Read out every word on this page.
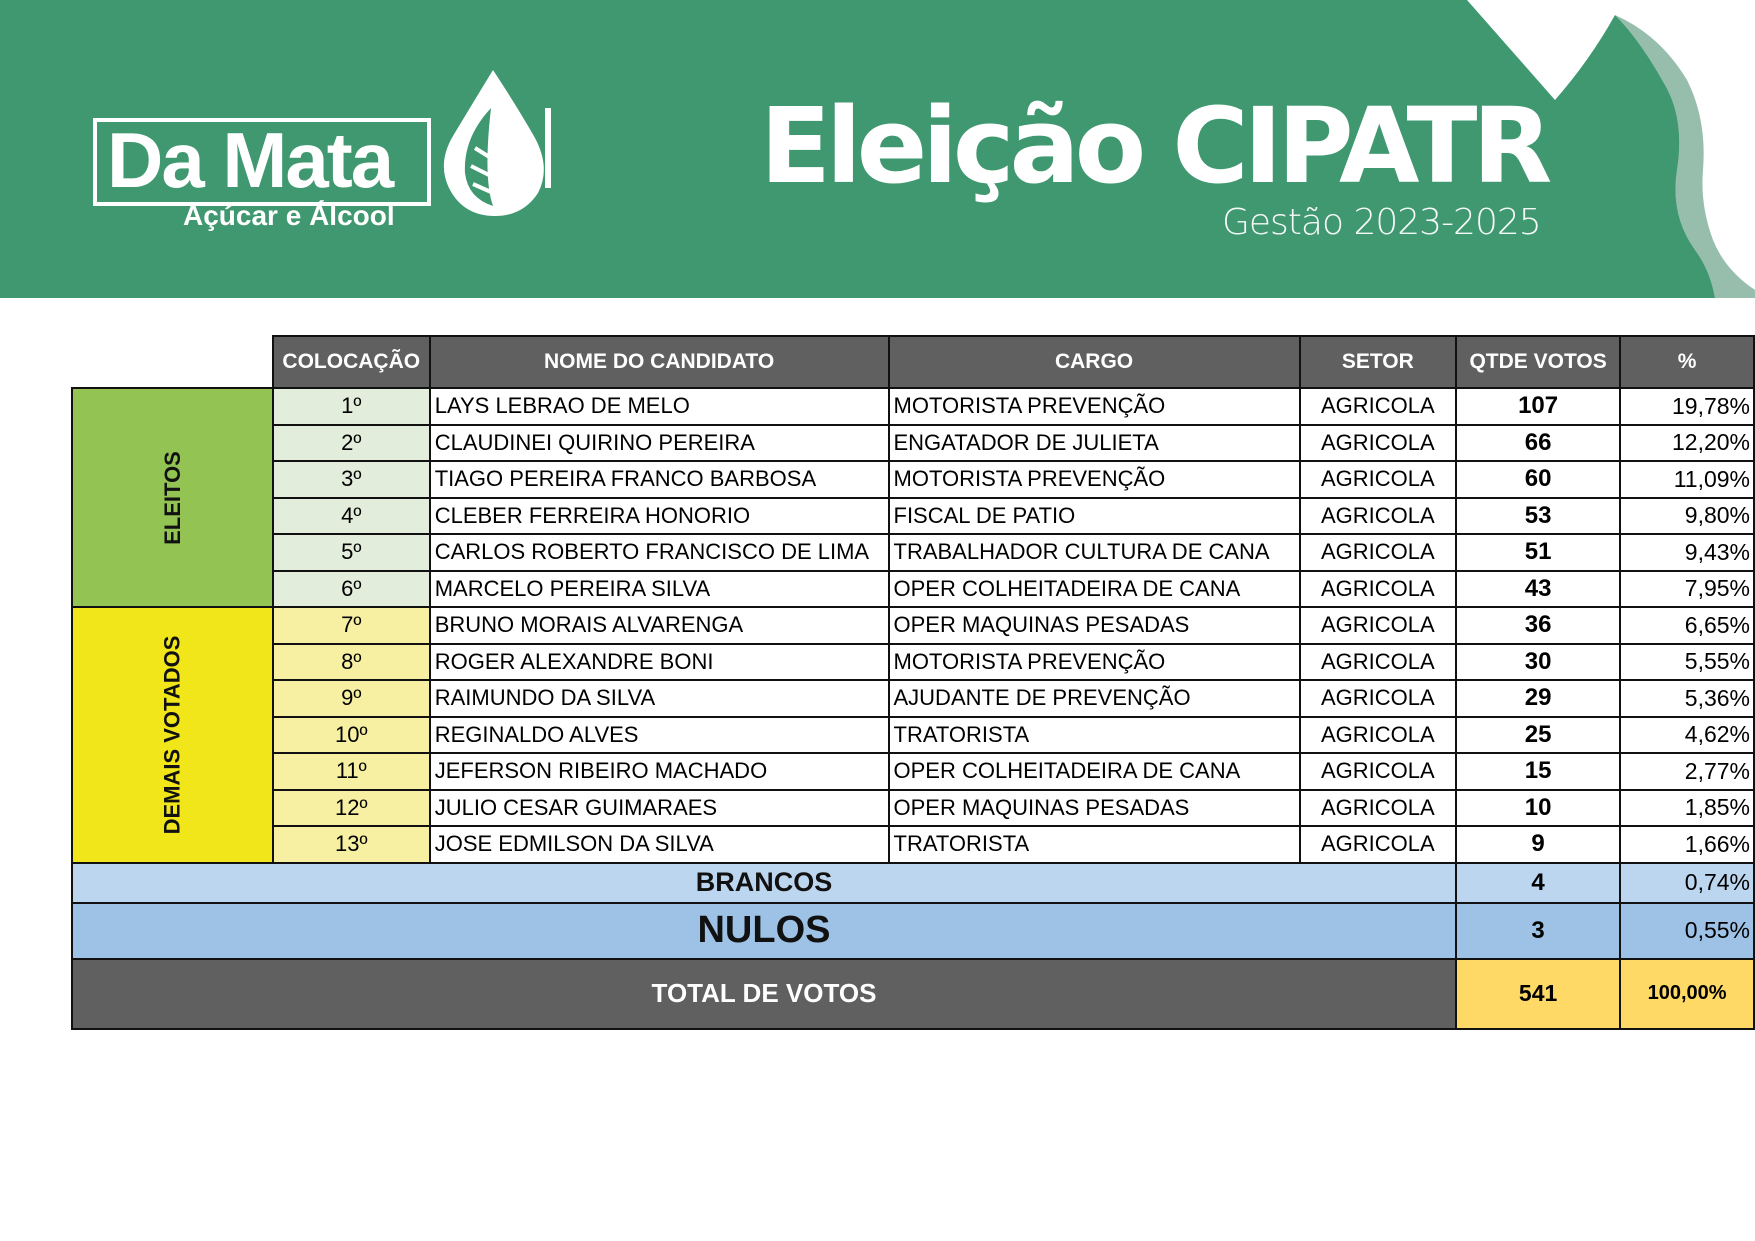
Da Mata
Açúcar e Álcool
Eleição CIPATR
Gestão 2023-2025
	COLOCAÇÃO	NOME DO CANDIDATO	CARGO	SETOR	QTDE VOTOS	%
ELEITOS	1º	LAYS LEBRAO DE MELO	MOTORISTA PREVENÇÃO	AGRICOLA	107	19,78%
	2º	CLAUDINEI QUIRINO PEREIRA	ENGATADOR DE JULIETA	AGRICOLA	66	12,20%
	3º	TIAGO PEREIRA FRANCO BARBOSA	MOTORISTA PREVENÇÃO	AGRICOLA	60	11,09%
	4º	CLEBER FERREIRA HONORIO	FISCAL DE PATIO	AGRICOLA	53	9,80%
	5º	CARLOS ROBERTO FRANCISCO DE LIMA	TRABALHADOR CULTURA DE CANA	AGRICOLA	51	9,43%
	6º	MARCELO PEREIRA SILVA	OPER COLHEITADEIRA DE CANA	AGRICOLA	43	7,95%
DEMAIS VOTADOS	7º	BRUNO MORAIS ALVARENGA	OPER MAQUINAS PESADAS	AGRICOLA	36	6,65%
	8º	ROGER ALEXANDRE BONI	MOTORISTA PREVENÇÃO	AGRICOLA	30	5,55%
	9º	RAIMUNDO DA SILVA	AJUDANTE DE PREVENÇÃO	AGRICOLA	29	5,36%
	10º	REGINALDO ALVES	TRATORISTA	AGRICOLA	25	4,62%
	11º	JEFERSON RIBEIRO MACHADO	OPER COLHEITADEIRA DE CANA	AGRICOLA	15	2,77%
	12º	JULIO CESAR GUIMARAES	OPER MAQUINAS PESADAS	AGRICOLA	10	1,85%
	13º	JOSE EDMILSON DA SILVA	TRATORISTA	AGRICOLA	9	1,66%
BRANCOS					4	0,74%
NULOS					3	0,55%
TOTAL DE VOTOS					541	100,00%
